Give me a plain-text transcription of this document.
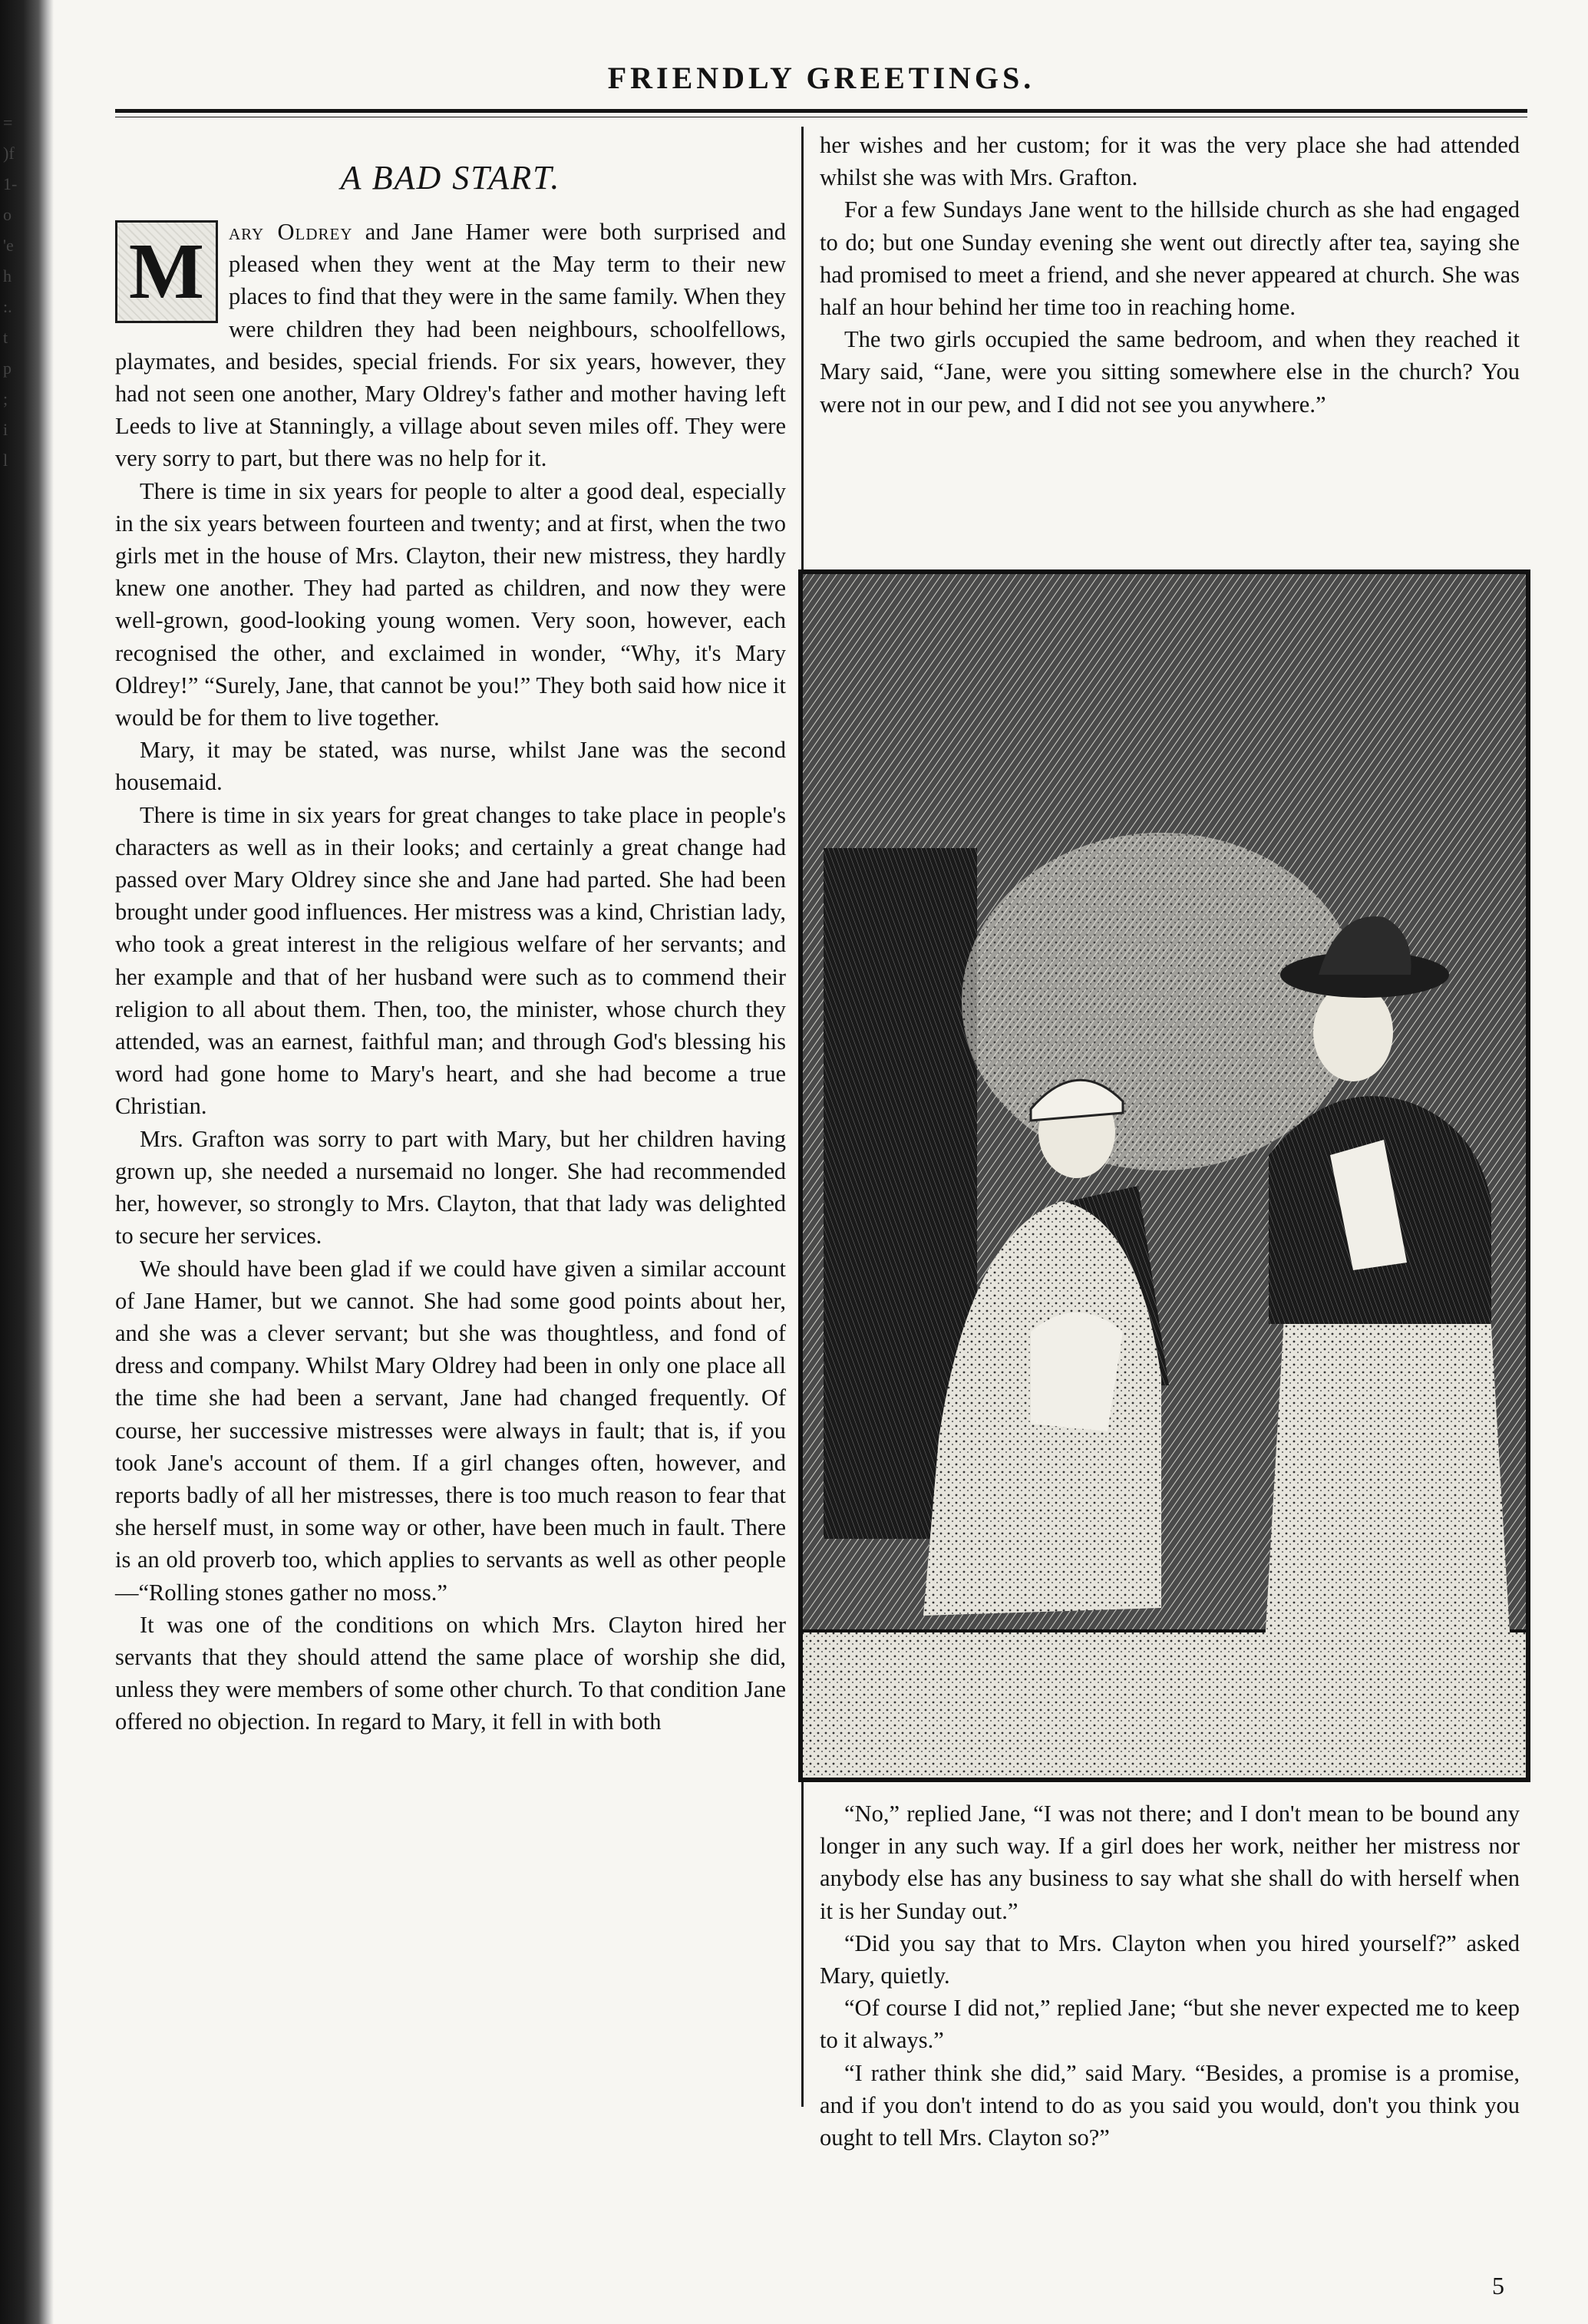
=
)f
1-
o
'e
h
:.
t
p
;
i
l
FRIENDLY GREETINGS.
A BAD START.

M	ary Oldrey and Jane Hamer were both surprised and pleased when they went at the May term to their new places to find that they were in the same family. When they were children they had been neighbours, schoolfellows, playmates, and besides, special friends. For six years, however, they had not seen one another, Mary Oldrey's father and mother having left Leeds to live at Stanningly, a village about seven miles off. They were very sorry to part, but there was no help for it.

There is time in six years for people to alter a good deal, especially in the six years between fourteen and twenty; and at first, when the two girls met in the house of Mrs. Clayton, their new mistress, they hardly knew one another. They had parted as children, and now they were well-grown, good-looking young women. Very soon, however, each recognised the other, and exclaimed in wonder, “Why, it's Mary Oldrey!” “Surely, Jane, that cannot be you!” They both said how nice it would be for them to live together.

Mary, it may be stated, was nurse, whilst Jane was the second housemaid.

There is time in six years for great changes to take place in people's characters as well as in their looks; and certainly a great change had passed over Mary Oldrey since she and Jane had parted. She had been brought under good influences. Her mistress was a kind, Christian lady, who took a great interest in the religious welfare of her servants; and her example and that of her husband were such as to commend their religion to all about them. Then, too, the minister, whose church they attended, was an earnest, faithful man; and through God's blessing his word had gone home to Mary's heart, and she had become a true Christian.

Mrs. Grafton was sorry to part with Mary, but her children having grown up, she needed a nursemaid no longer. She had recommended her, however, so strongly to Mrs. Clayton, that that lady was delighted to secure her services.

We should have been glad if we could have given a similar account of Jane Hamer, but we cannot. She had some good points about her, and she was a clever servant; but she was thoughtless, and fond of dress and company. Whilst Mary Oldrey had been in only one place all the time she had been a servant, Jane had changed frequently. Of course, her successive mistresses were always in fault; that is, if you took Jane's account of them. If a girl changes often, however, and reports badly of all her mistresses, there is too much reason to fear that she herself must, in some way or other, have been much in fault. There is an old proverb too, which applies to servants as well as other people—“Rolling stones gather no moss.”

It was one of the conditions on which Mrs. Clayton hired her servants that they should attend the same place of worship she did, unless they were members of some other church. To that condition Jane offered no objection. In regard to Mary, it fell in with both

her wishes and her custom; for it was the very place she had attended whilst she was with Mrs. Grafton.

For a few Sundays Jane went to the hillside church as she had engaged to do; but one Sunday evening she went out directly after tea, saying she had promised to meet a friend, and she never appeared at church. She was half an hour behind her time too in reaching home.

The two girls occupied the same bedroom, and when they reached it Mary said, “Jane, were you sitting somewhere else in the church? You were not in our pew, and I did not see you anywhere.”

“No,” replied Jane, “I was not there; and I don't mean to be bound any longer in any such way. If a girl does her work, neither her mistress nor anybody else has any business to say what she shall do with herself when it is her Sunday out.”

“Did you say that to Mrs. Clayton when you hired yourself?” asked Mary, quietly.

“Of course I did not,” replied Jane; “but she never expected me to keep to it always.”

“I rather think she did,” said Mary. “Besides, a promise is a promise, and if you don't intend to do as you said you would, don't you think you ought to tell Mrs. Clayton so?”

5
